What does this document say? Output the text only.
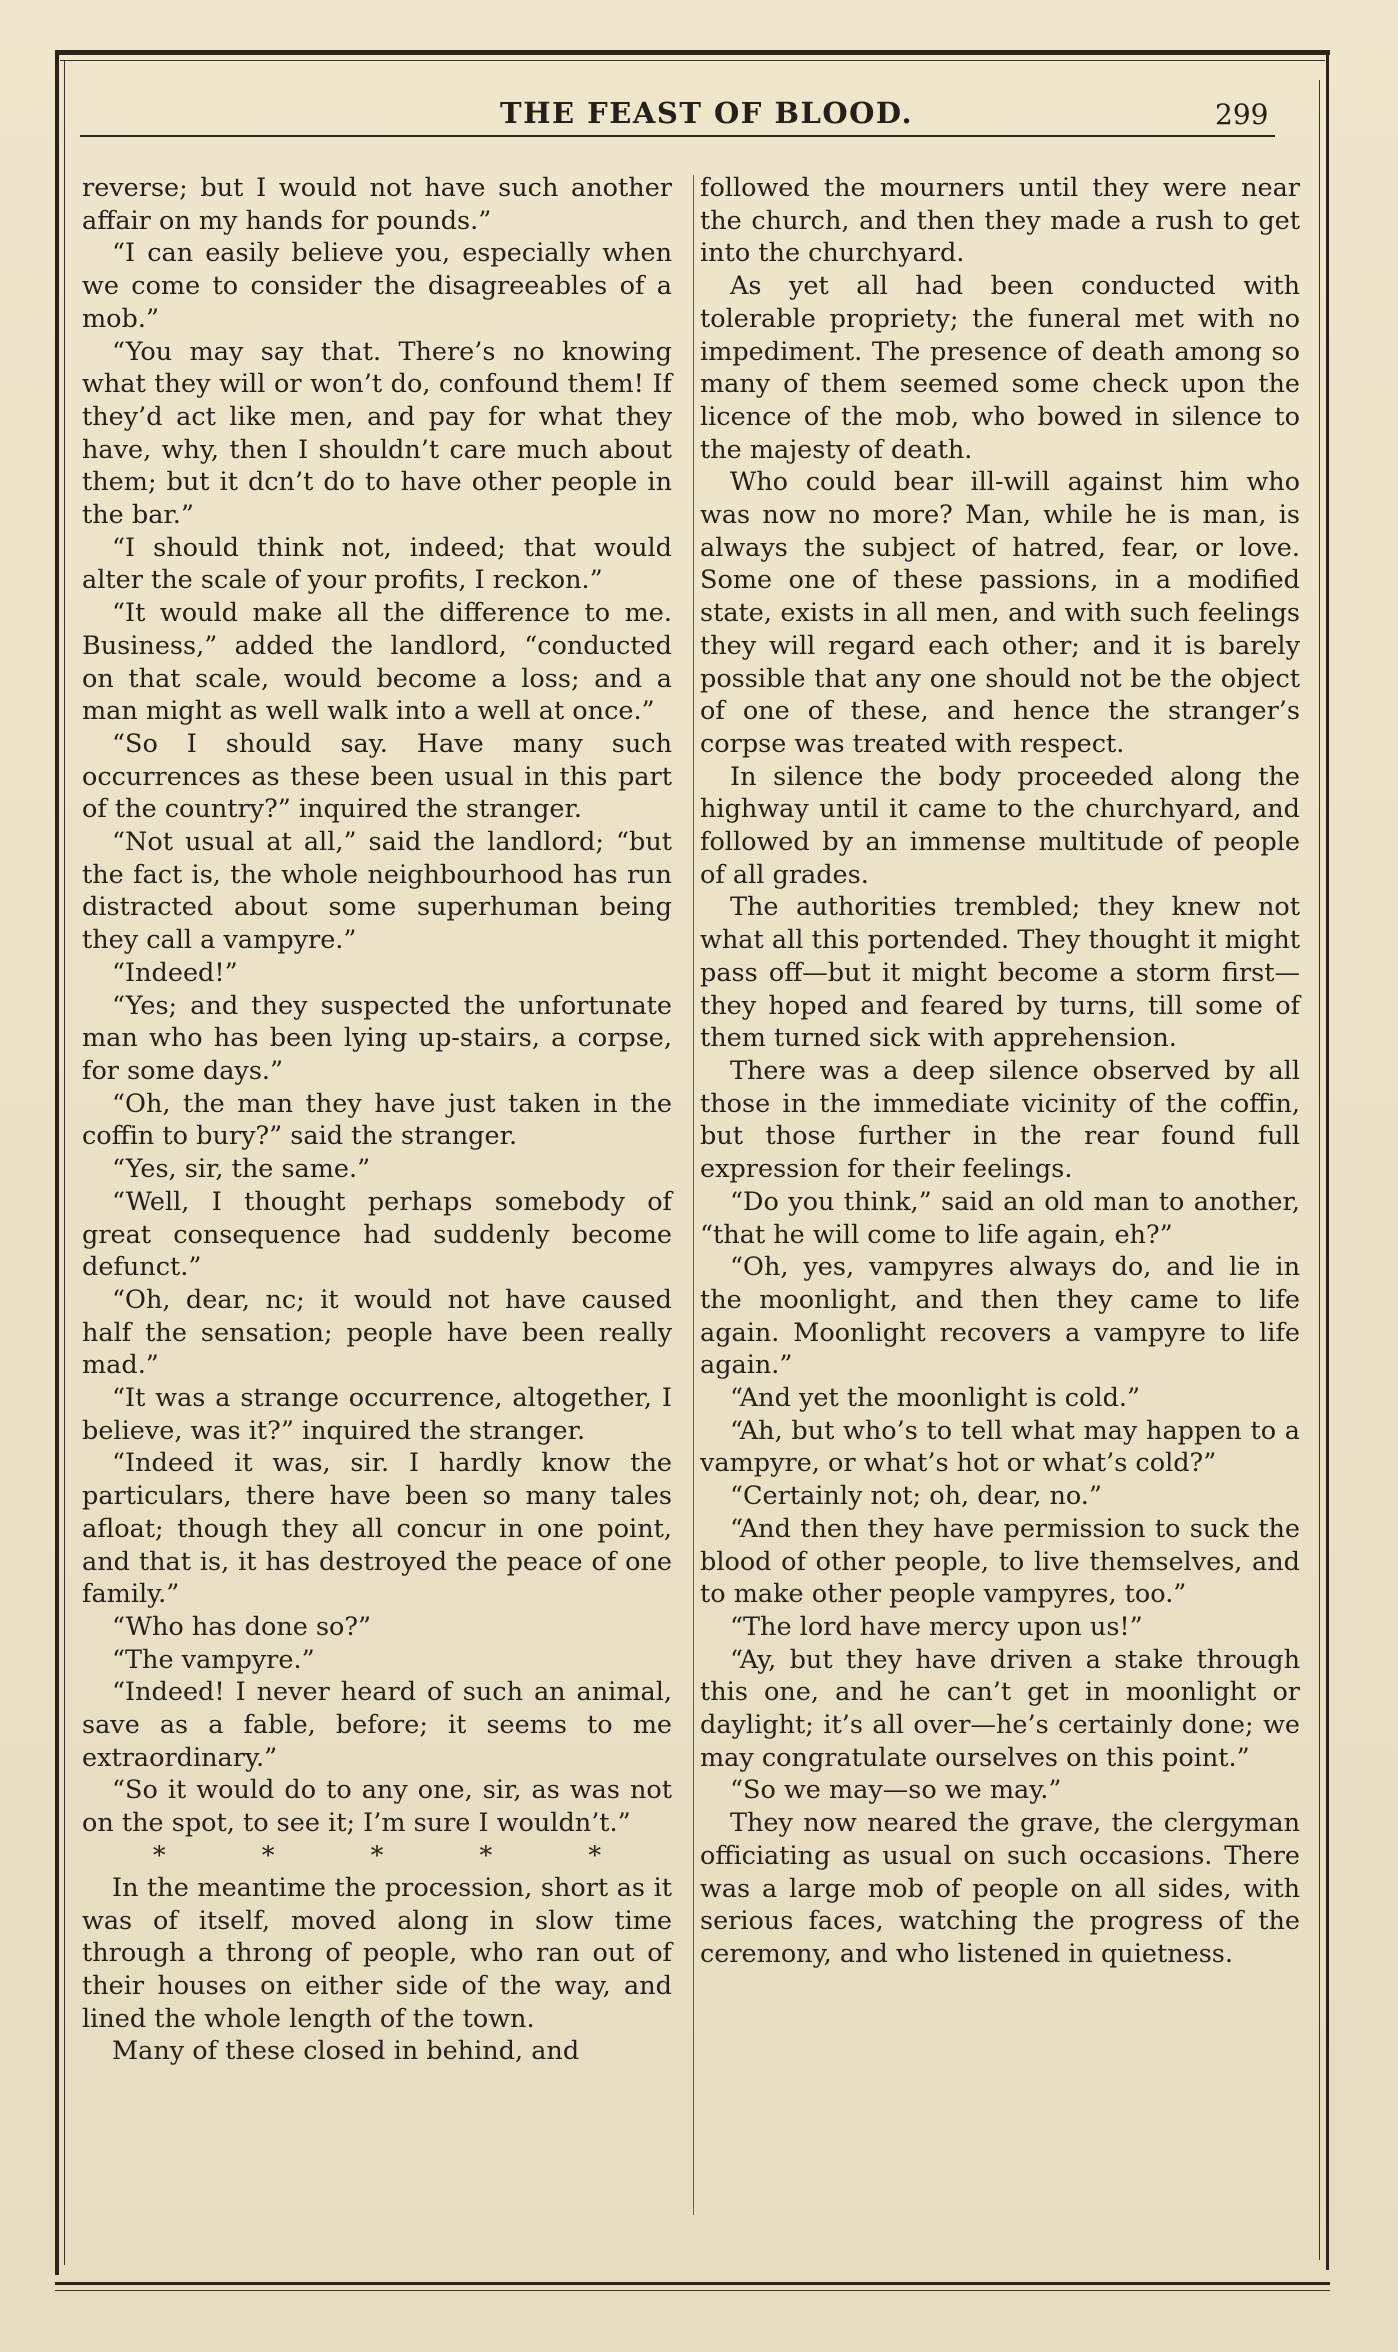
THE FEAST OF BLOOD.	299

reverse; but I would not have such another affair on my hands for pounds.”

“I can easily believe you, especially when we come to consider the disagreeables of a mob.”

“You may say that. There’s no knowing what they will or won’t do, confound them! If they’d act like men, and pay for what they have, why, then I shouldn’t care much about them; but it dcn’t do to have other people in the bar.”

“I should think not, indeed; that would alter the scale of your profits, I reckon.”

“It would make all the difference to me. Business,” added the landlord, “conducted on that scale, would become a loss; and a man might as well walk into a well at once.”

“So I should say. Have many such occurrences as these been usual in this part of the country?” inquired the stranger.

“Not usual at all,” said the landlord; “but the fact is, the whole neighbourhood has run distracted about some superhuman being they call a vampyre.”

“Indeed!”

“Yes; and they suspected the unfortunate man who has been lying up-stairs, a corpse, for some days.”

“Oh, the man they have just taken in the coffin to bury?” said the stranger.

“Yes, sir, the same.”

“Well, I thought perhaps somebody of great consequence had suddenly become defunct.”

“Oh, dear, nc; it would not have caused half the sensation; people have been really mad.”

“It was a strange occurrence, altogether, I believe, was it?” inquired the stranger.

“Indeed it was, sir. I hardly know the particulars, there have been so many tales afloat; though they all concur in one point, and that is, it has destroyed the peace of one family.”

“Who has done so?”

“The vampyre.”

“Indeed! I never heard of such an animal, save as a fable, before; it seems to me extraordinary.”

“So it would do to any one, sir, as was not on the spot, to see it; I’m sure I wouldn’t.”

* * * * *

In the meantime the procession, short as it was of itself, moved along in slow time through a throng of people, who ran out of their houses on either side of the way, and lined the whole length of the town.

Many of these closed in behind, and

followed the mourners until they were near the church, and then they made a rush to get into the churchyard.

As yet all had been conducted with tolerable propriety; the funeral met with no impediment. The presence of death among so many of them seemed some check upon the licence of the mob, who bowed in silence to the majesty of death.

Who could bear ill-will against him who was now no more? Man, while he is man, is always the subject of hatred, fear, or love. Some one of these passions, in a modified state, exists in all men, and with such feelings they will regard each other; and it is barely possible that any one should not be the object of one of these, and hence the stranger’s corpse was treated with respect.

In silence the body proceeded along the highway until it came to the churchyard, and followed by an immense multitude of people of all grades.

The authorities trembled; they knew not what all this portended. They thought it might pass off—but it might become a storm first—they hoped and feared by turns, till some of them turned sick with apprehension.

There was a deep silence observed by all those in the immediate vicinity of the coffin, but those further in the rear found full expression for their feelings.

“Do you think,” said an old man to another, “that he will come to life again, eh?”

“Oh, yes, vampyres always do, and lie in the moonlight, and then they came to life again. Moonlight recovers a vampyre to life again.”

“And yet the moonlight is cold.”

“Ah, but who’s to tell what may happen to a vampyre, or what’s hot or what’s cold?”

“Certainly not; oh, dear, no.”

“And then they have permission to suck the blood of other people, to live themselves, and to make other people vampyres, too.”

“The lord have mercy upon us!”

“Ay, but they have driven a stake through this one, and he can’t get in moonlight or daylight; it’s all over—he’s certainly done; we may congratulate ourselves on this point.”

“So we may—so we may.”

They now neared the grave, the clergyman officiating as usual on such occasions. There was a large mob of people on all sides, with serious faces, watching the progress of the ceremony, and who listened in quietness.
